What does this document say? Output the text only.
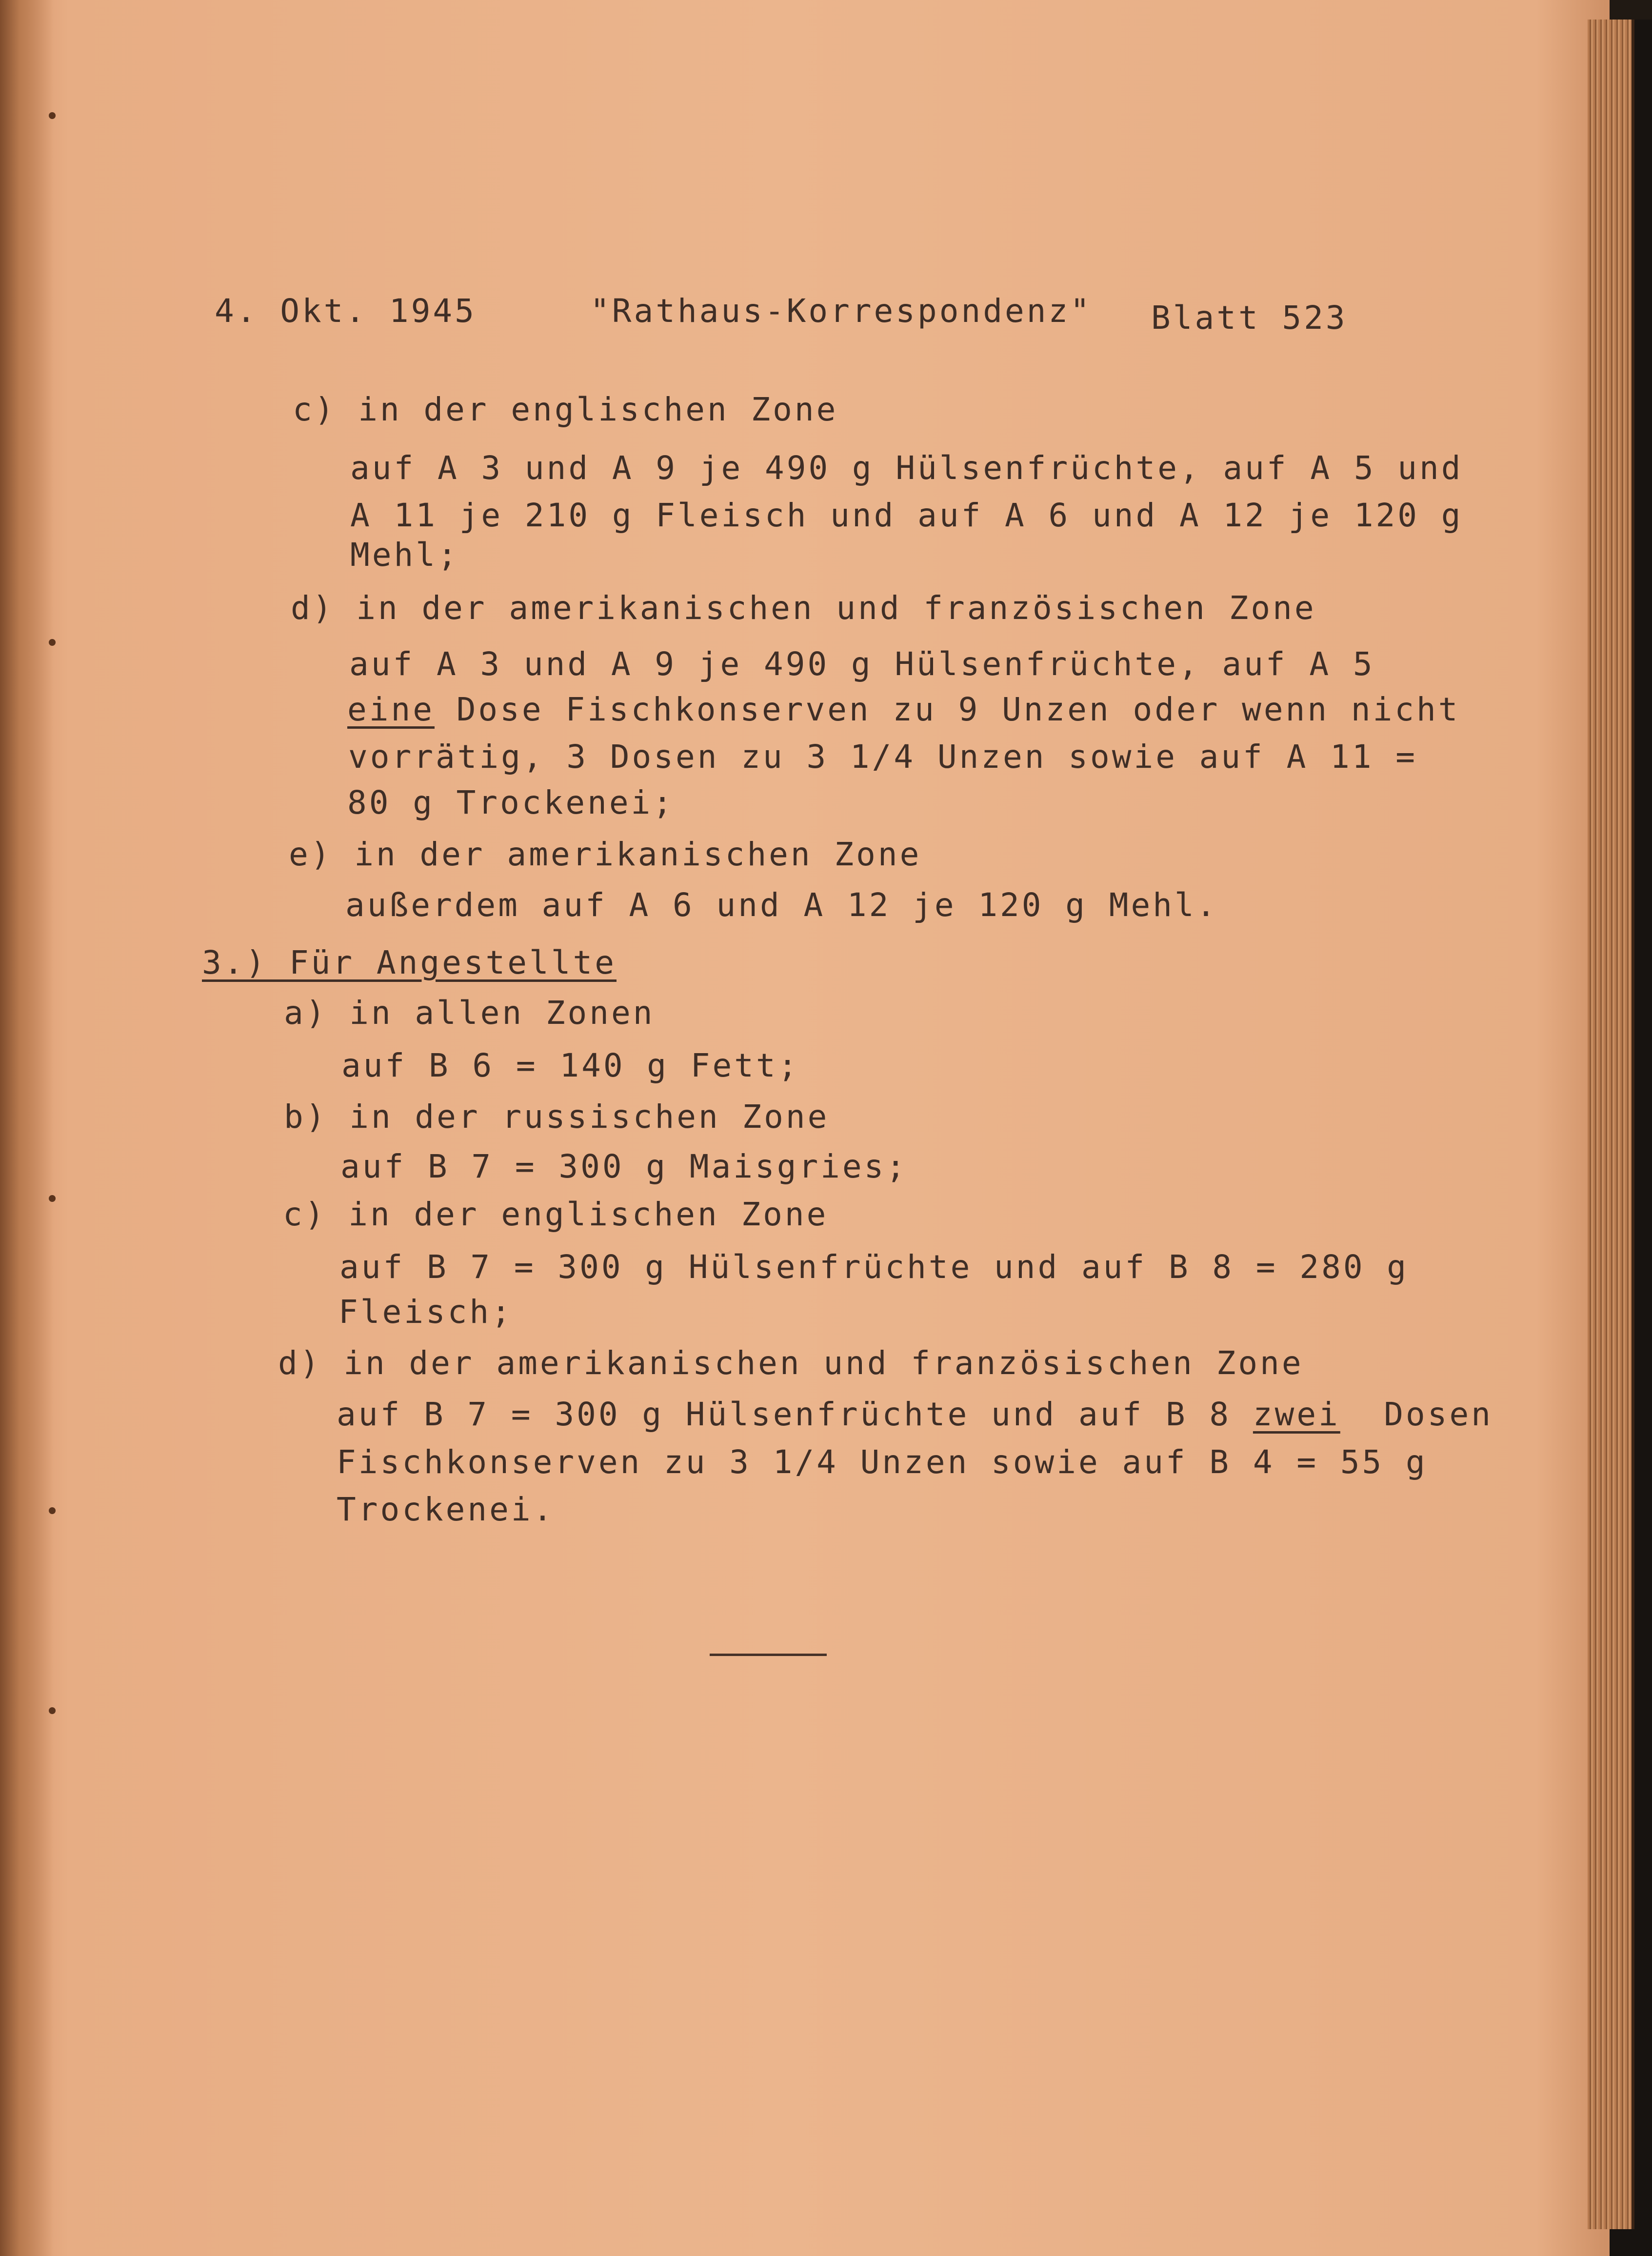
4. Okt. 1945	"Rathaus-Korrespondenz" Blatt 523
c) in der englischen Zone
auf A 3 und A 9 je 490 g Hülsenfrüchte, auf A 5 und
A 11 je 210 g Fleisch und auf A 6 und A 12 je 120 g
Mehl;
d) in der amerikanischen und französischen Zone
auf A 3 und A 9 je 490 g Hülsenfrüchte, auf A 5
eine Dose Fischkonserven zu 9 Unzen oder wenn nicht
vorrätig, 3 Dosen zu 3 1/4 Unzen sowie auf A 11 =
80 g Trockenei;
e) in der amerikanischen Zone
außerdem auf A 6 und A 12 je 120 g Mehl.
3.) Für Angestellte
a) in allen Zonen
auf B 6 = 140 g Fett;
b) in der russischen Zone
auf B 7 = 300 g Maisgries;
c) in der englischen Zone
auf B 7 = 300 g Hülsenfrüchte und auf B 8 = 280 g
Fleisch;
d) in der amerikanischen und französischen Zone
auf B 7 = 300 g Hülsenfrüchte und auf B 8 zwei  Dosen
Fischkonserven zu 3 1/4 Unzen sowie auf B 4 = 55 g
Trockenei.
